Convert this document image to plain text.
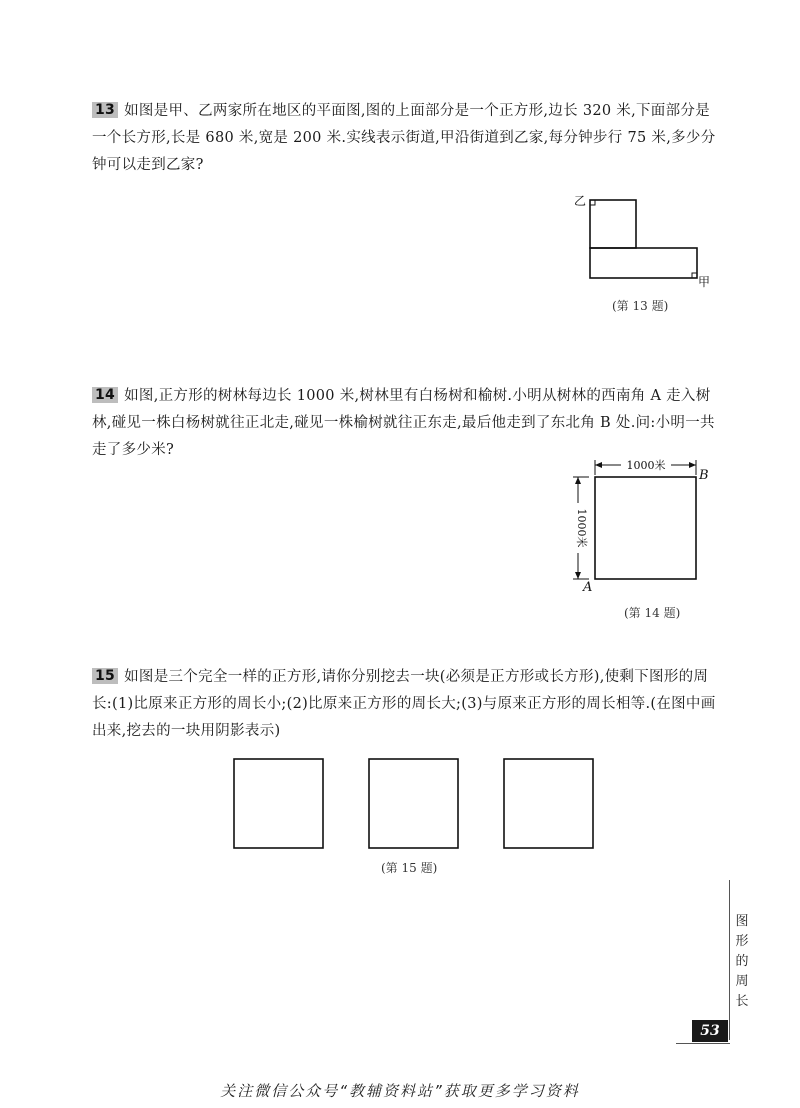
13 如图是甲、乙两家所在地区的平面图,图的上面部分是一个正方形,边长 320 米,下面部分是一个长方形,长是 680 米,宽是 200 米.实线表示街道,甲沿街道到乙家,每分钟步行 75 米,多少分钟可以走到乙家?

乙
甲
(第 13 题)

14 如图,正方形的树林每边长 1000 米,树林里有白杨树和榆树.小明从树林的西南角 A 走入树林,碰见一株白杨树就往正北走,碰见一株榆树就往正东走,最后他走到了东北角 B 处.问:小明一共走了多少米?

1000米
1000米
B
A
(第 14 题)

15 如图是三个完全一样的正方形,请你分别挖去一块(必须是正方形或长方形),使剩下图形的周长:(1)比原来正方形的周长小;(2)比原来正方形的周长大;(3)与原来正方形的周长相等.(在图中画出来,挖去的一块用阴影表示)

(第 15 题)
图形的周长
53
关注微信公众号“教辅资料站”获取更多学习资料
